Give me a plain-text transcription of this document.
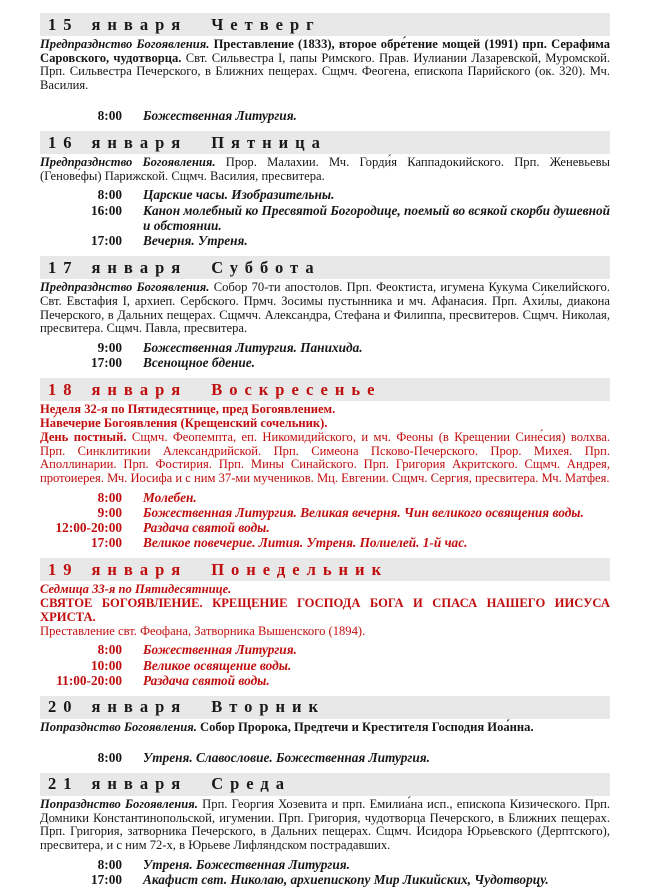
15 января Четверг

Предпразднство Богоявления. Преставление (1833), второе обре́тение мощей (1991) прп. Серафима Саровского, чудотворца. Свт. Сильвестра I, папы Римского. Прав. Иулиании Лазаревской, Муромской. Прп. Сильвестра Печерского, в Ближних пещерах. Сщмч. Феогена, епископа Парийского (ок. 320). Мч. Василия.

8:00 Божественная Литургия.
16 января Пятница

Предпразднство Богоявления. Прор. Малахии. Мч. Горди́я Каппадокийского. Прп. Женевьевы (Генове́фы) Парижской. Сщмч. Василия, пресвитера.

8:00 Царские часы. Изобразительны.
16:00 Канон молебный ко Пресвятой Богородице, поемый во всякой скорби душевной и обстоянии.
17:00 Вечерня. Утреня.
17 января Суббота

Предпразднство Богоявления. Собор 70-ти апостолов. Прп. Феоктиста, игумена Кукума Сикелийского. Свт. Евстафия I, архиеп. Сербского. Прмч. Зосимы пустынника и мч. Афанасия. Прп. Ахи́лы, диакона Печерского, в Дальних пещерах. Сщмчч. Александра, Стефана и Филиппа, пресвитеров. Сщмч. Николая, пресвитера. Сщмч. Павла, пресвитера.

9:00 Божественная Литургия. Панихида.
17:00 Всенощное бдение.
18 января Воскресенье

Неделя 32-я по Пятидесятнице, пред Богоявлением.

На́вечерие Богоявления (Крещенский сочельник).

День постный. Сщмч. Феопемпта, еп. Никомидийского, и мч. Феоны (в Крещении Сине́сия) волхва. Прп. Синклитикии Александрийской. Прп. Симеона Псково-Печерского. Прор. Михея. Прп. Аполлинарии. Прп. Фостирия. Прп. Мины Синайского. Прп. Григория Акритского. Сщмч. Андрея, протоиерея. Мч. Иосифа и с ним 37-ми мучеников. Мц. Евгении. Сщмч. Сергия, пресвитера. Мч. Матфея.

8:00 Молебен.
9:00 Божественная Литургия. Великая вечерня. Чин великого освящения воды.
12:00-20:00 Раздача святой воды.
17:00 Великое повечерие. Лития. Утреня. Полиелей. 1-й час.
19 января Понедельник

Седмица 33-я по Пятидесятнице.

СВЯТОЕ БОГОЯВЛЕНИЕ. КРЕЩЕНИЕ ГОСПОДА БОГА И СПАСА НАШЕГО ИИСУСА ХРИСТА.

Преставление свт. Феофана, Затворника Вышенского (1894).

8:00 Божественная Литургия.
10:00 Великое освящение воды.
11:00-20:00 Раздача святой воды.
20 января Вторник

Попразднство Богоявления. Собор Пророка, Предтечи и Крестителя Господня Иоа́нна.

8:00 Утреня. Славословие. Божественная Литургия.
21 января Среда

Попразднство Богоявления. Прп. Георгия Хозевита и прп. Емилиа́на исп., епископа Кизического. Прп. Домники Константинопольской, игумении. Прп. Григория, чудотворца Печерского, в Ближних пещерах. Прп. Григория, затворника Печерского, в Дальних пещерах. Сщмч. Исидора Юрьевского (Дерптского), пресвитера, и с ним 72-х, в Юрьеве Лифляндском пострадавших.

8:00 Утреня. Божественная Литургия.
17:00 Акафист свт. Николаю, архиепископу Мир Ликийских, Чудотворцу.
